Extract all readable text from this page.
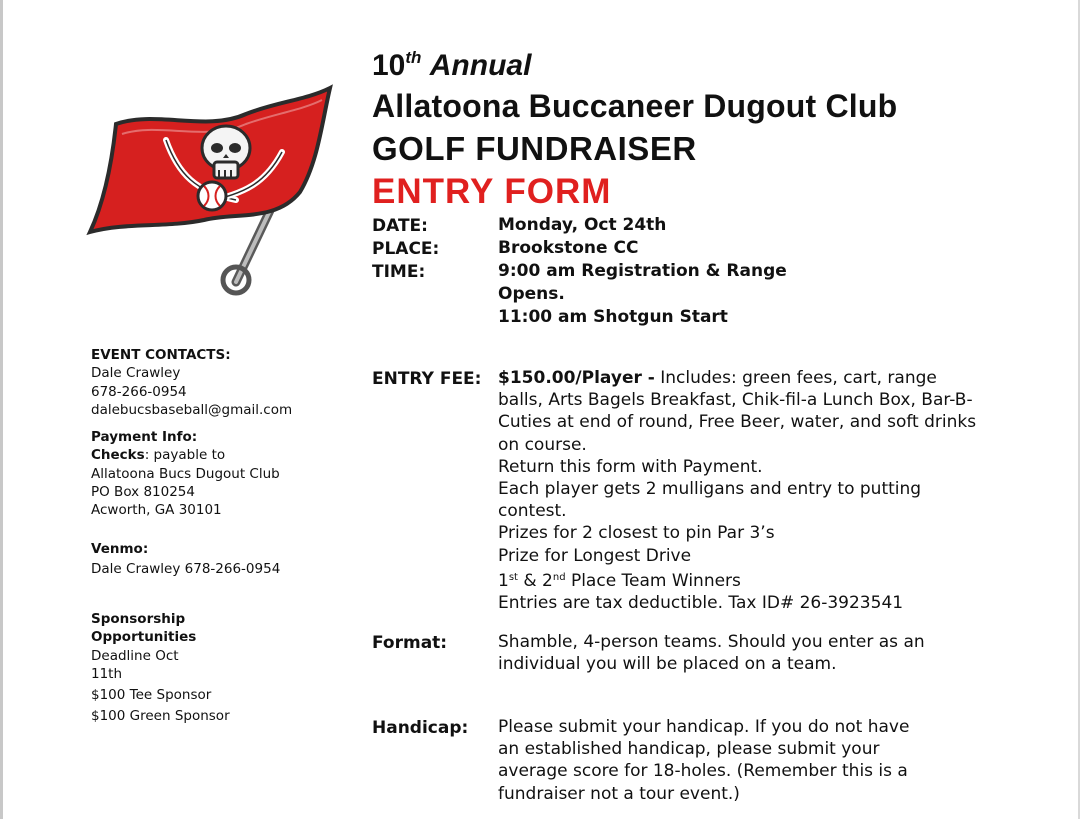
EVENT CONTACTS:
Dale Crawley
678-266-0954
dalebucsbaseball@gmail.com
Payment Info:
Checks: payable to
Allatoona Bucs Dugout Club
PO Box 810254
Acworth, GA 30101
Venmo:
Dale Crawley 678-266-0954
Sponsorship
Opportunities
Deadline Oct
11th
$100 Tee Sponsor
$100 Green Sponsor
10th Annual
Allatoona Buccaneer Dugout Club
GOLF FUNDRAISER
ENTRY FORM
DATE:	Monday, Oct 24th
PLACE:	Brookstone CC
TIME:	9:00 am Registration & Range
Opens.
11:00 am Shotgun Start
ENTRY FEE: $150.00/Player - Includes: green fees, cart, range
balls, Arts Bagels Breakfast, Chik-fil-a Lunch Box, Bar-B-
Cuties at end of round, Free Beer, water, and soft drinks
on course.
Return this form with Payment.
Each player gets 2 mulligans and entry to putting
contest.
Prizes for 2 closest to pin Par 3’s
Prize for Longest Drive
1st & 2nd Place Team Winners
Entries are tax deductible. Tax ID# 26-3923541
Format:	Shamble, 4-person teams. Should you enter as an
individual you will be placed on a team.
Handicap: Please submit your handicap. If you do not have
an established handicap, please submit your
average score for 18-holes. (Remember this is a
fundraiser not a tour event.)
